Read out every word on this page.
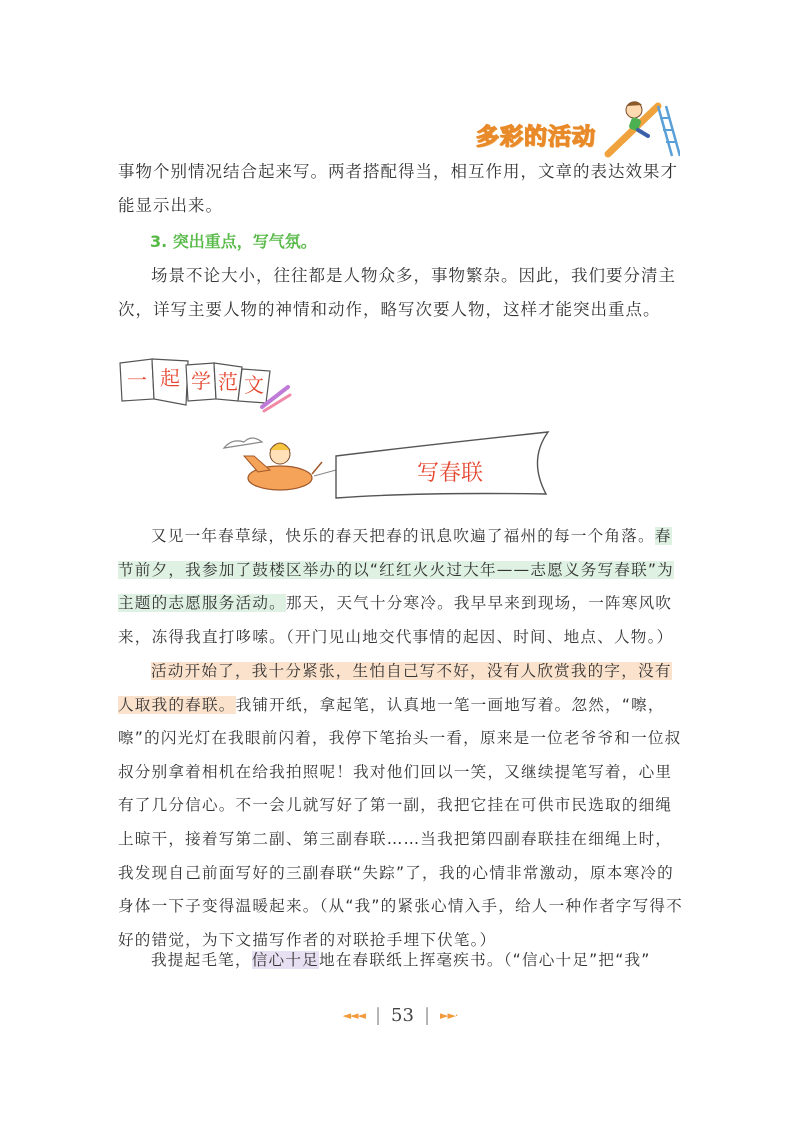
多彩的活动
事物个别情况结合起来写。两者搭配得当，相互作用，文章的表达效果才能显示出来。
3. 突出重点，写气氛。
场景不论大小，往往都是人物众多，事物繁杂。因此，我们要分清主次，详写主要人物的神情和动作，略写次要人物，这样才能突出重点。
一 起 学 范 文
写春联
又见一年春草绿，快乐的春天把春的讯息吹遍了福州的每一个角落。春节前夕，我参加了鼓楼区举办的以“红红火火过大年——志愿义务写春联”为主题的志愿服务活动。那天，天气十分寒冷。我早早来到现场，一阵寒风吹来，冻得我直打哆嗦。（开门见山地交代事情的起因、时间、地点、人物。）
活动开始了，我十分紧张，生怕自己写不好，没有人欣赏我的字，没有人取我的春联。我铺开纸，拿起笔，认真地一笔一画地写着。忽然，“嚓，嚓”的闪光灯在我眼前闪着，我停下笔抬头一看，原来是一位老爷爷和一位叔叔分别拿着相机在给我拍照呢！我对他们回以一笑，又继续提笔写着，心里有了几分信心。不一会儿就写好了第一副，我把它挂在可供市民选取的细绳上晾干，接着写第二副、第三副春联……当我把第四副春联挂在细绳上时，我发现自己前面写好的三副春联“失踪”了，我的心情非常激动，原本寒冷的身体一下子变得温暖起来。（从“我”的紧张心情入手，给人一种作者字写得不好的错觉，为下文描写作者的对联抢手埋下伏笔。）
我提起毛笔，信心十足地在春联纸上挥毫疾书。（“信心十足”把“我”
◄◄◄ | 53 | ►►·
